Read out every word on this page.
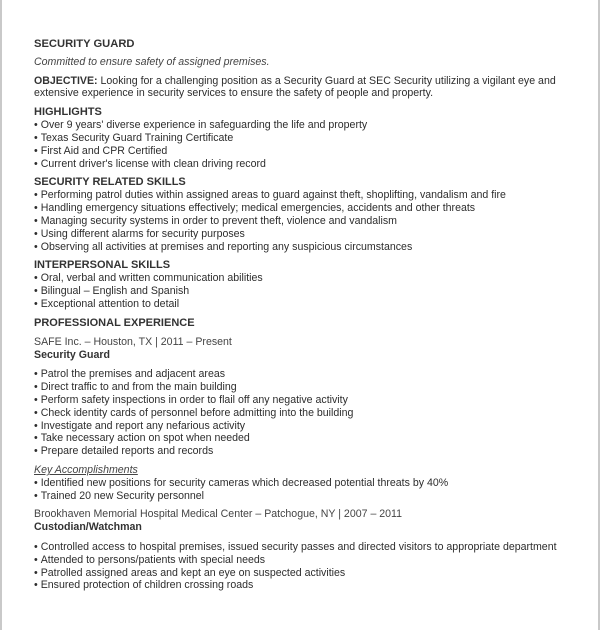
SECURITY GUARD
Committed to ensure safety of assigned premises.
OBJECTIVE: Looking for a challenging position as a Security Guard at SEC Security utilizing a vigilant eye and extensive experience in security services to ensure the safety of people and property.
HIGHLIGHTS
• Over 9 years' diverse experience in safeguarding the life and property
• Texas Security Guard Training Certificate
• First Aid and CPR Certified
• Current driver's license with clean driving record
SECURITY RELATED SKILLS
• Performing patrol duties within assigned areas to guard against theft, shoplifting, vandalism and fire
• Handling emergency situations effectively; medical emergencies, accidents and other threats
• Managing security systems in order to prevent theft, violence and vandalism
• Using different alarms for security purposes
• Observing all activities at premises and reporting any suspicious circumstances
INTERPERSONAL SKILLS
• Oral, verbal and written communication abilities
• Bilingual – English and Spanish
• Exceptional attention to detail
PROFESSIONAL EXPERIENCE
SAFE Inc. – Houston, TX | 2011 – Present
Security Guard
• Patrol the premises and adjacent areas
• Direct traffic to and from the main building
• Perform safety inspections in order to flail off any negative activity
• Check identity cards of personnel before admitting into the building
• Investigate and report any nefarious activity
• Take necessary action on spot when needed
• Prepare detailed reports and records
Key Accomplishments
• Identified new positions for security cameras which decreased potential threats by 40%
• Trained 20 new Security personnel
Brookhaven Memorial Hospital Medical Center – Patchogue, NY | 2007 – 2011
Custodian/Watchman
• Controlled access to hospital premises, issued security passes and directed visitors to appropriate department
• Attended to persons/patients with special needs
• Patrolled assigned areas and kept an eye on suspected activities
• Ensured protection of children crossing roads
